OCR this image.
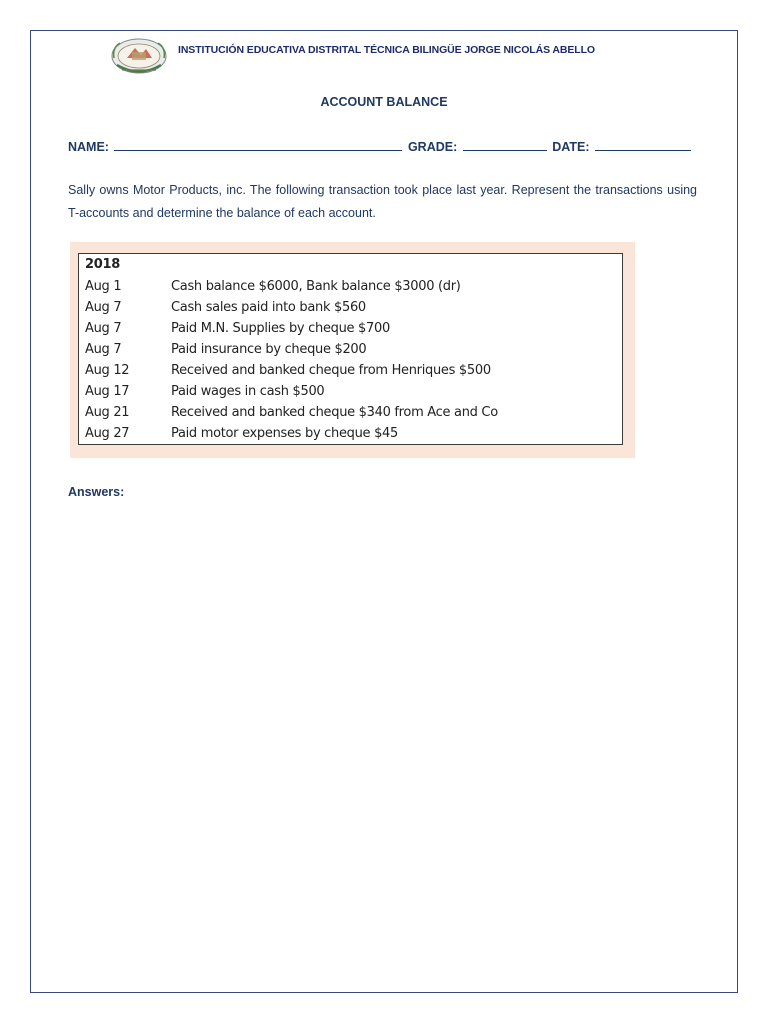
INSTITUCIÓN EDUCATIVA DISTRITAL TÉCNICA BILINGÜE JORGE NICOLÁS ABELLO
ACCOUNT BALANCE
NAME:	GRADE:	DATE:
Sally owns Motor Products, inc. The following transaction took place last year. Represent the transactions using T-accounts and determine the balance of each account.
2018
Aug 1	Cash balance $6000, Bank balance $3000 (dr)
Aug 7	Cash sales paid into bank $560
Aug 7	Paid M.N. Supplies by cheque $700
Aug 7	Paid insurance by cheque $200
Aug 12	Received and banked cheque from Henriques $500
Aug 17	Paid wages in cash $500
Aug 21	Received and banked cheque $340 from Ace and Co
Aug 27	Paid motor expenses by cheque $45
Answers:
